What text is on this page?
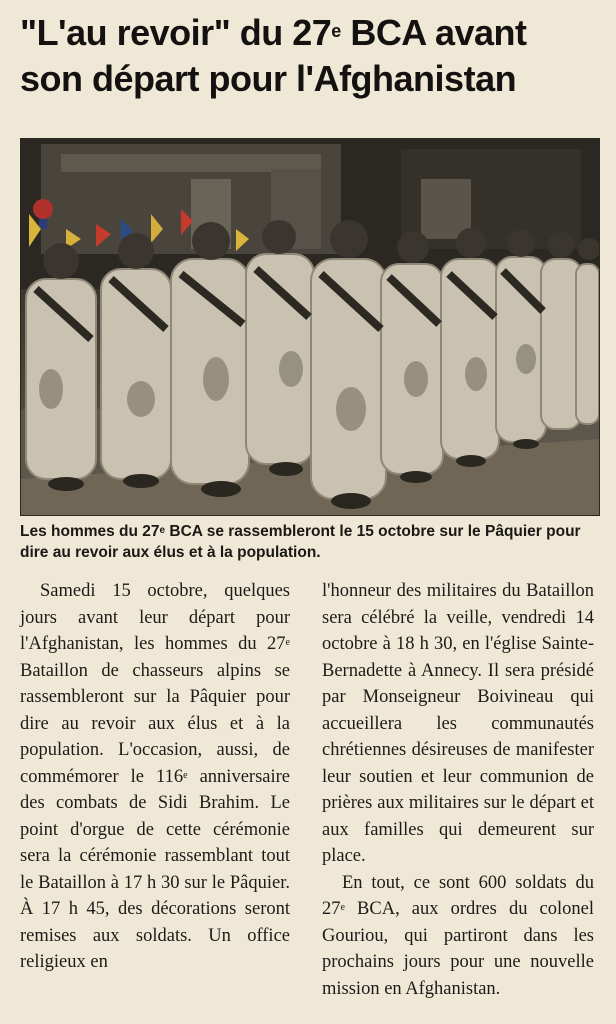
"L'au revoir" du 27e BCA avant
son départ pour l'Afghanistan
Les hommes du 27e BCA se rassembleront le 15 octobre sur le Pâquier pour dire au revoir aux élus et à la population.

Samedi 15 octobre, quelques jours avant leur départ pour l'Afghanistan, les hommes du 27e Bataillon de chasseurs alpins se rassembleront sur la Pâquier pour dire au revoir aux élus et à la population. L'occasion, aussi, de commémorer le 116e anniversaire des combats de Sidi Brahim. Le point d'orgue de cette cérémonie sera la cérémonie rassemblant tout le Bataillon à 17 h 30 sur le Pâquier. À 17 h 45, des décorations seront remises aux soldats. Un office religieux en

l'honneur des militaires du Bataillon sera célébré la veille, vendredi 14 octobre à 18 h 30, en l'église Sainte-Bernadette à Annecy. Il sera présidé par Monseigneur Boivineau qui accueillera les communautés chrétiennes désireuses de manifester leur soutien et leur communion de prières aux militaires sur le départ et aux familles qui demeurent sur place.

En tout, ce sont 600 soldats du 27e BCA, aux ordres du colonel Gouriou, qui partiront dans les prochains jours pour une nouvelle mission en Afghanistan.
